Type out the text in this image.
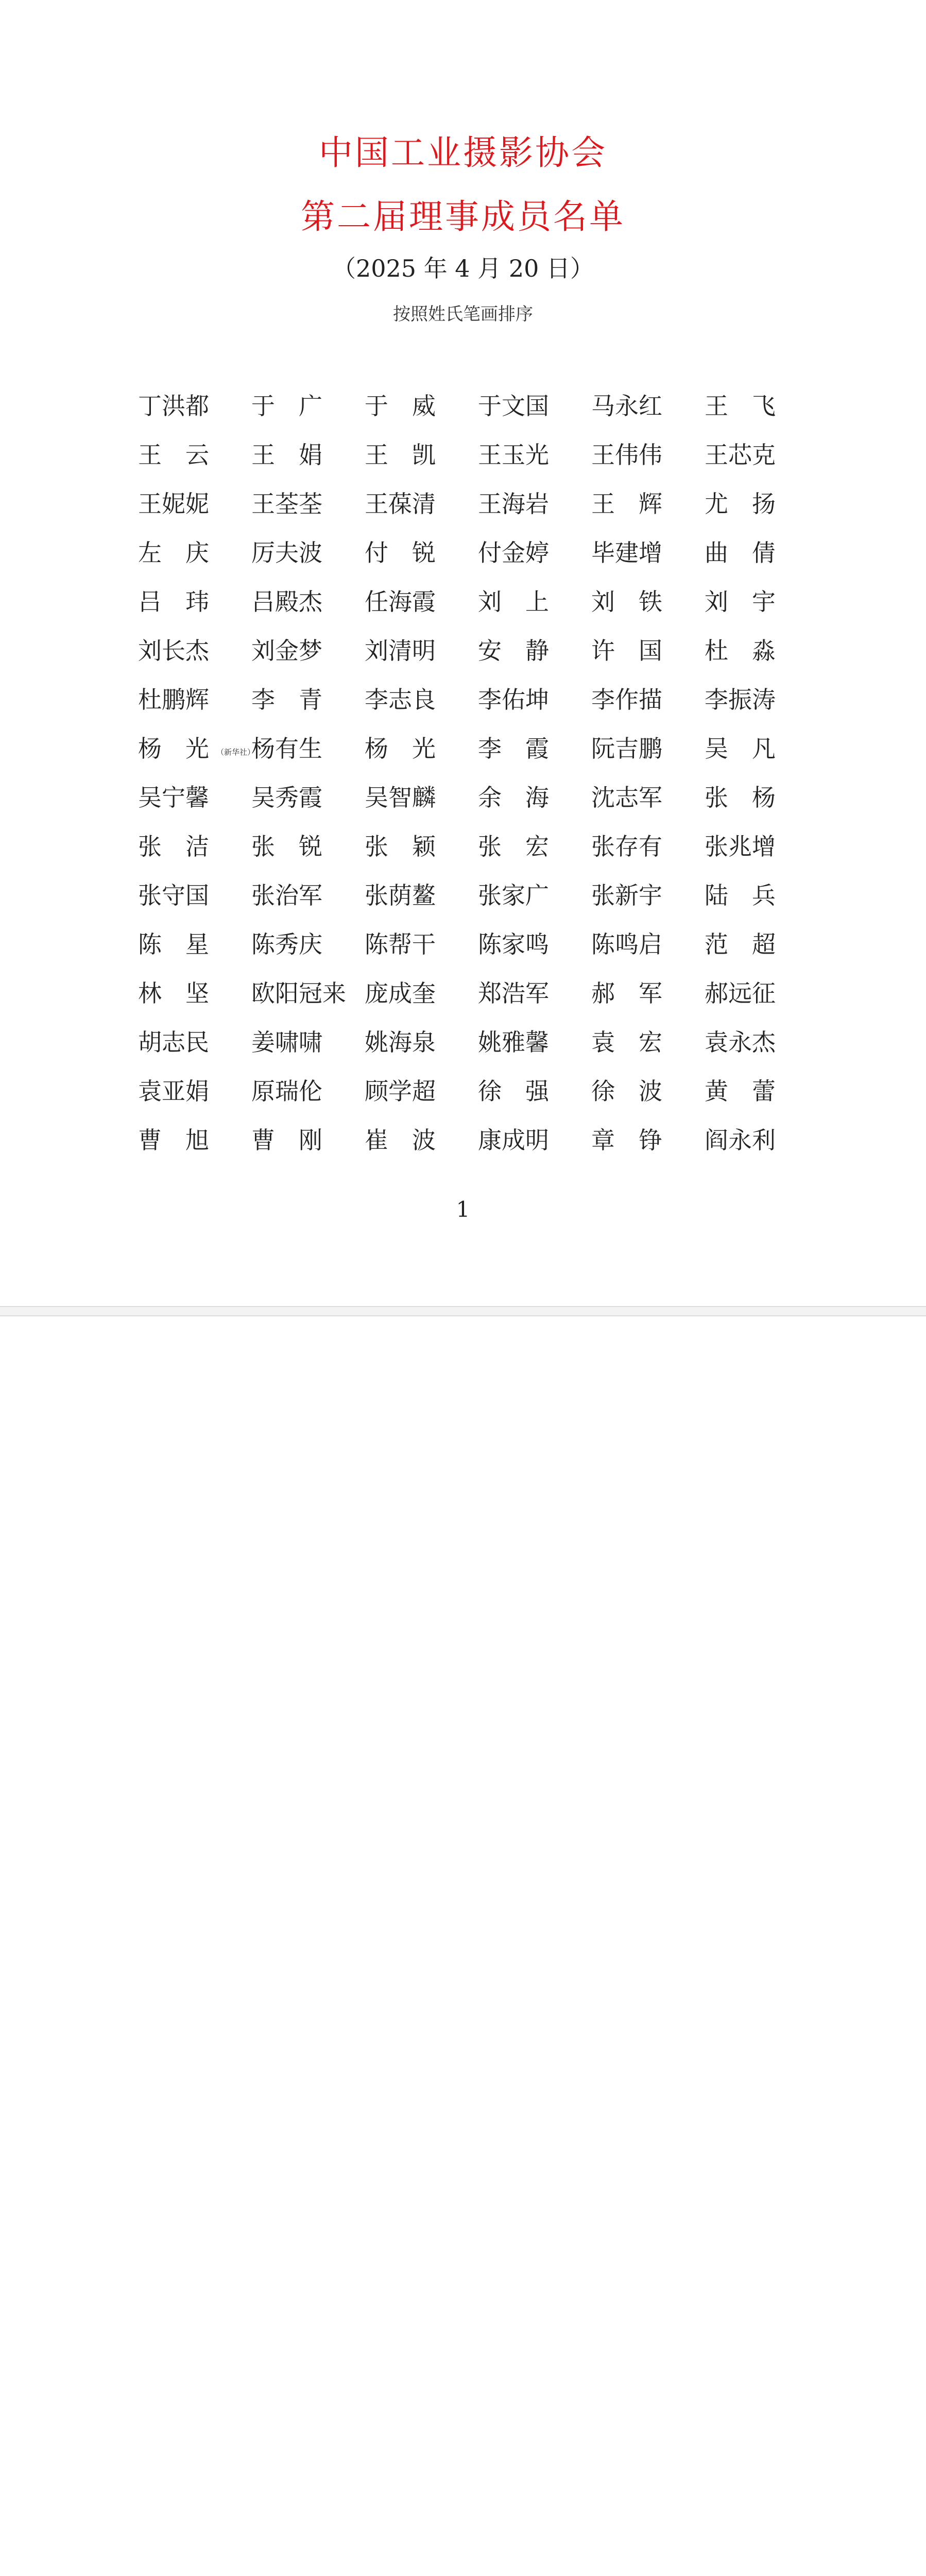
中国工业摄影协会
第二届理事成员名单
（2025 年 4 月 20 日）
按照姓氏笔画排序
丁洪都	于　广	于　威	于文国	马永红	王　飞
王　云	王　娟	王　凯	王玉光	王伟伟	王芯克
王妮妮	王荃荃	王葆清	王海岩	王　辉	尤　扬
左　庆	厉夫波	付　锐	付金婷	毕建增	曲　倩
吕　玮	吕殿杰	任海霞	刘　上	刘　铁	刘　宇
刘长杰	刘金梦	刘清明	安　静	许　国	杜　淼
杜鹏辉	李　青	李志良	李佑坤	李作描	李振涛
杨　光	杨有生	杨　光	李　霞	阮吉鹏	吴　凡
（新华社）
吴宁馨	吴秀霞	吴智麟	余　海	沈志军	张　杨
张　洁	张　锐	张　颖	张　宏	张存有	张兆增
张守国	张治军	张荫鳌	张家广	张新宇	陆　兵
陈　星	陈秀庆	陈帮干	陈家鸣	陈鸣启	范　超
林　坚	欧阳冠来 庞成奎	郑浩军	郝　军	郝远征
胡志民	姜啸啸	姚海泉	姚雅馨	袁　宏	袁永杰
袁亚娟	原瑞伦	顾学超	徐　强	徐　波	黄　蕾
曹　旭	曹　刚	崔　波	康成明	章　铮	阎永利
1
